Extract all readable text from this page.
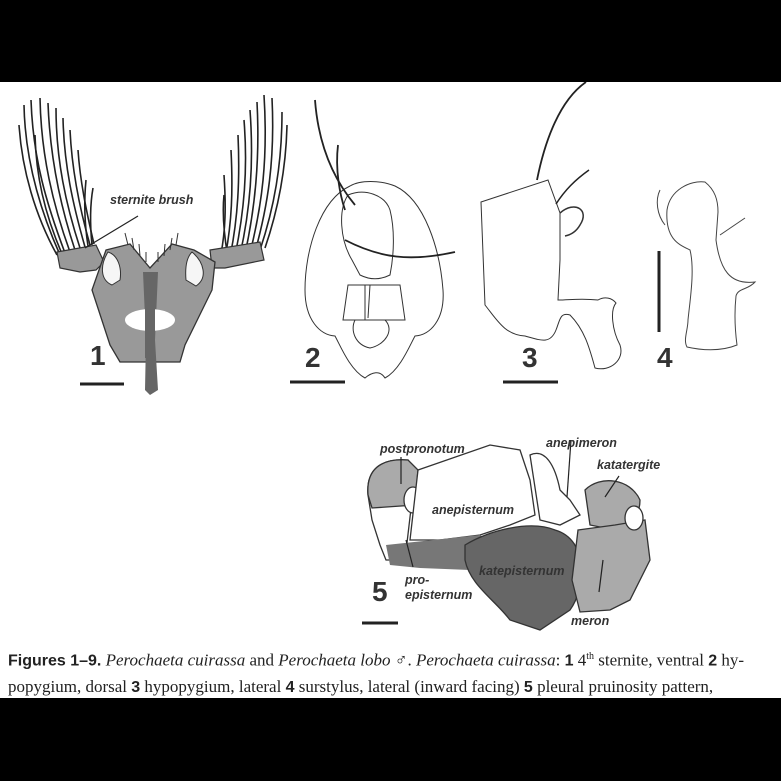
sternite brush
1	2	3	4
postpronotum	anepimeron
katatergite
anepisternum
pro-
episternum
katepisternum
meron
5
Figures 1–9. Perochaeta cuirassa and Perochaeta lobo ♂. Perochaeta cuirassa: 1 4th sternite, ventral 2 hy-
popygium, dorsal 3 hypopygium, lateral 4 surstylus, lateral (inward facing) 5 pleural pruinosity pattern,
